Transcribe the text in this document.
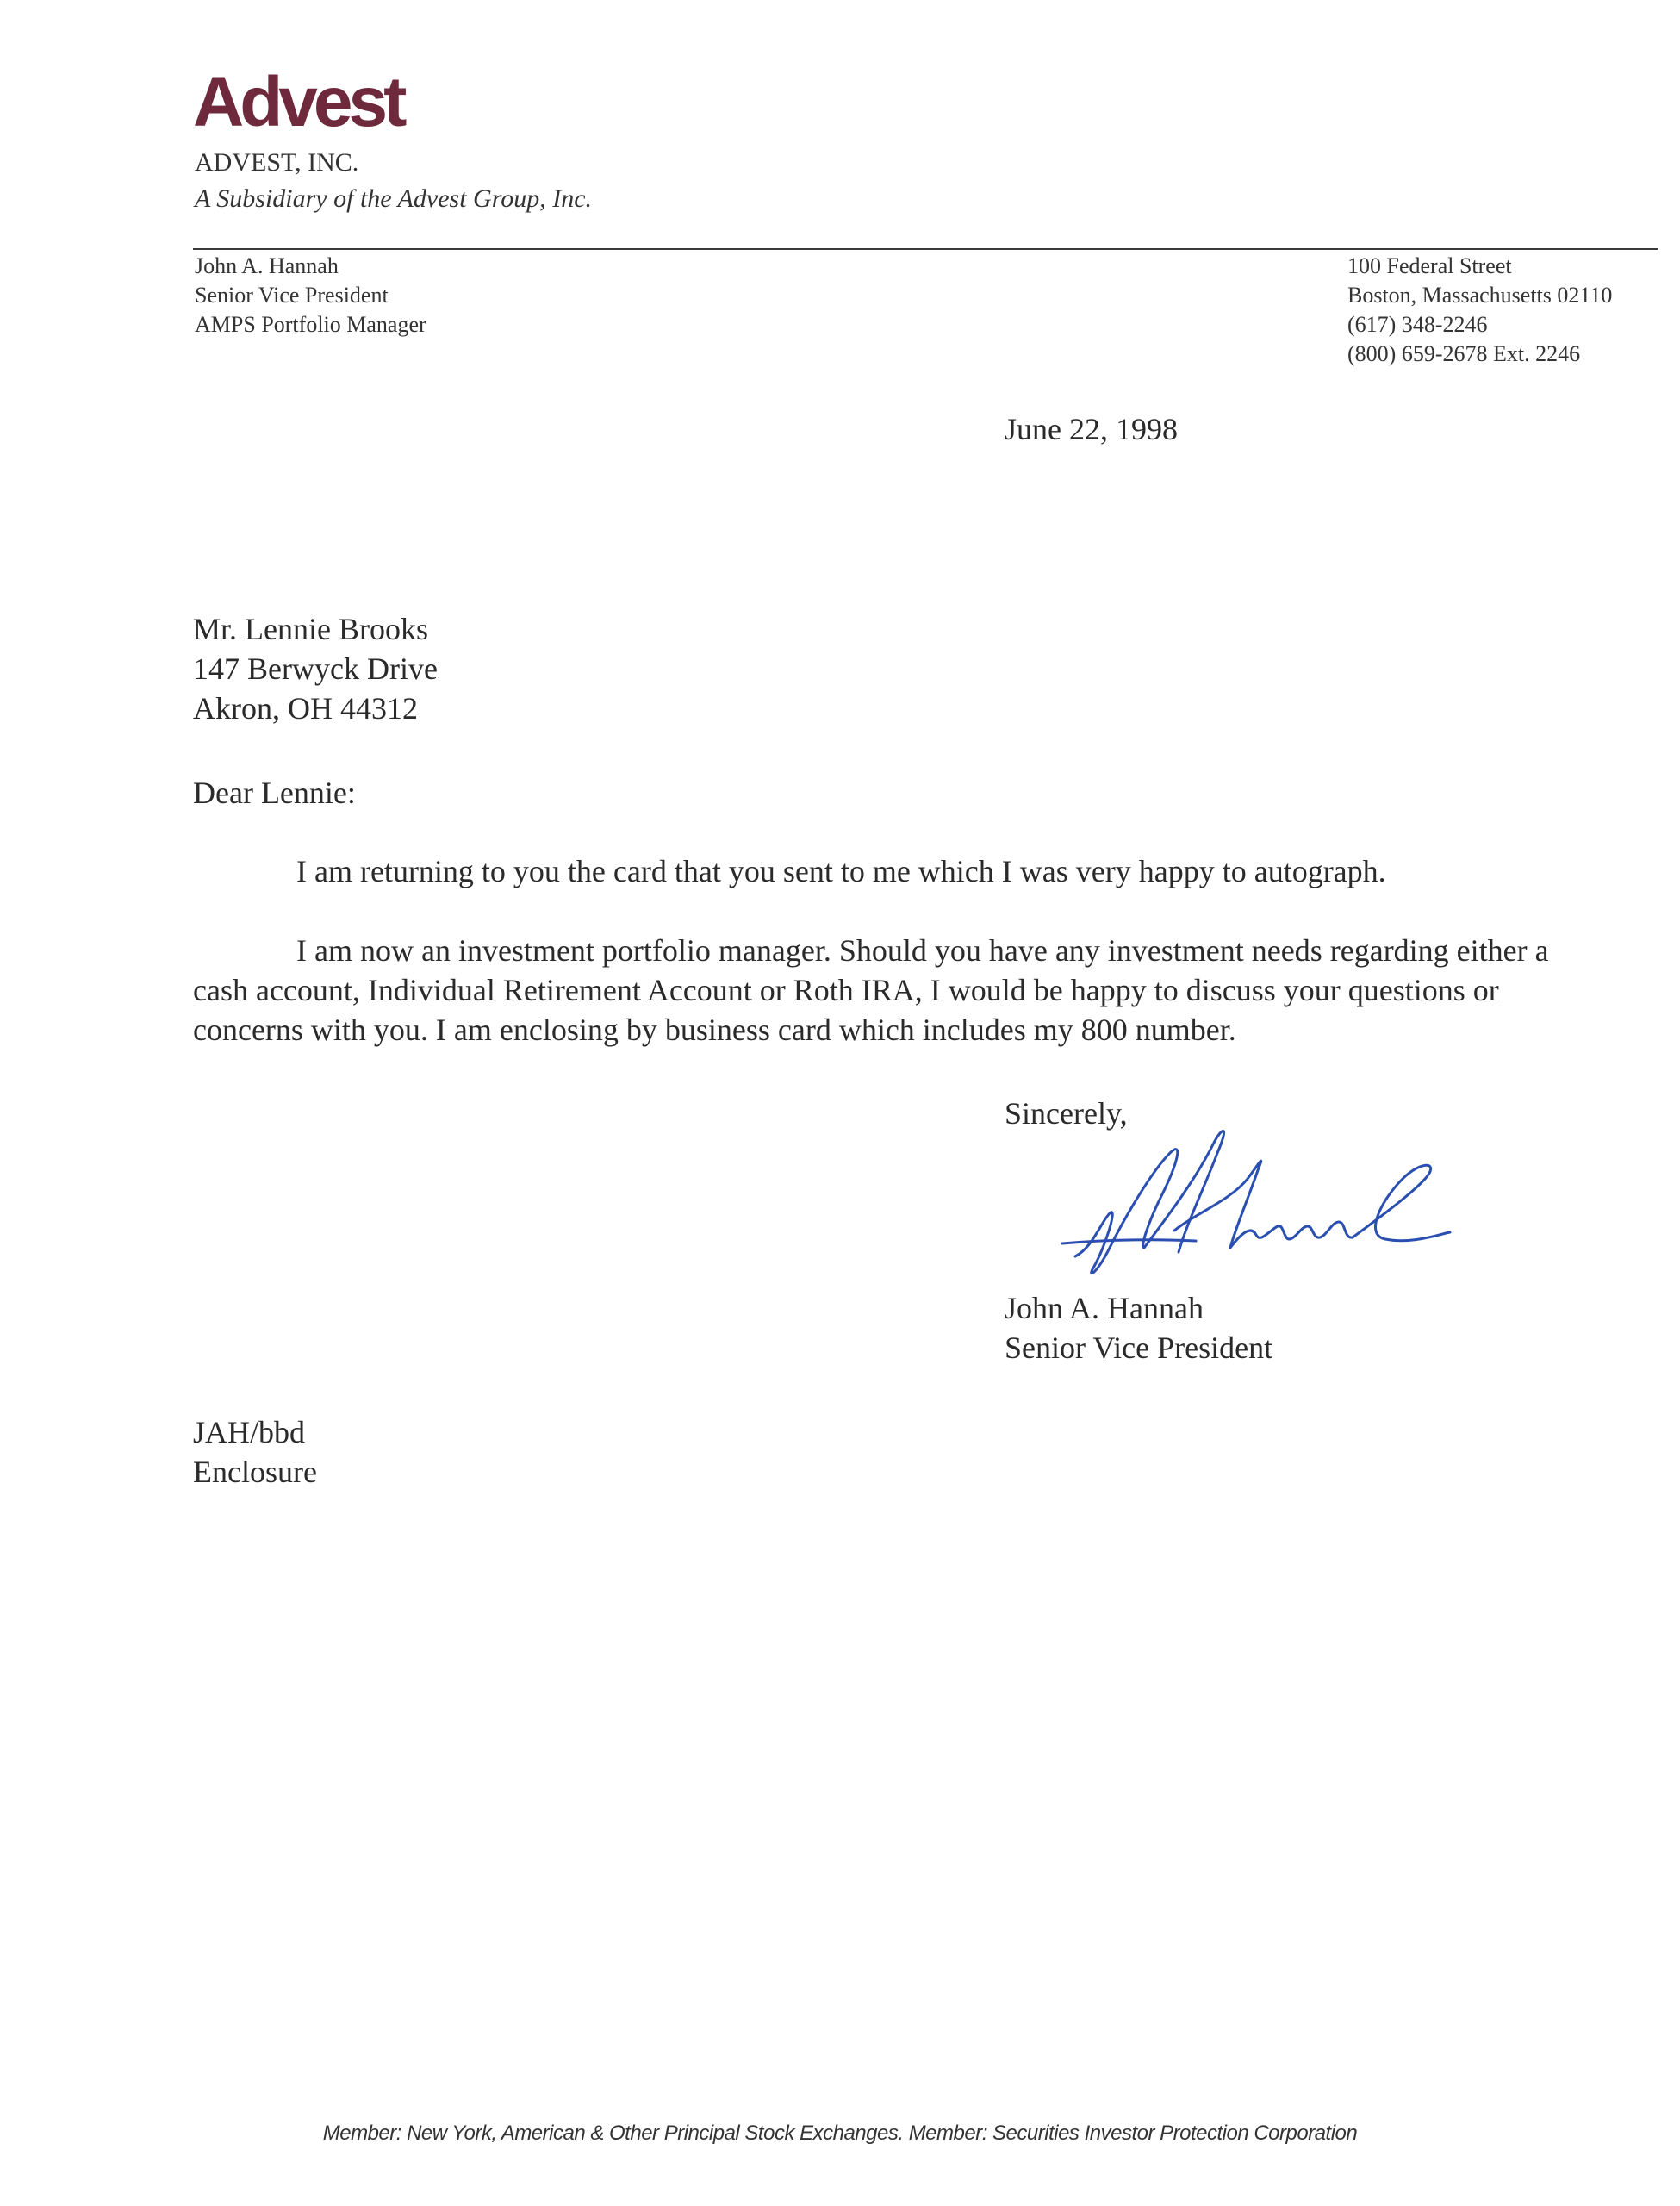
Advest
ADVEST, INC.
A Subsidiary of the Advest Group, Inc.
John A. Hannah
Senior Vice President
AMPS Portfolio Manager
100 Federal Street
Boston, Massachusetts 02110
(617) 348-2246
(800) 659-2678 Ext. 2246
June 22, 1998
Mr. Lennie Brooks
147 Berwyck Drive
Akron, OH 44312
Dear Lennie:

I am returning to you the card that you sent to me which I was very happy to autograph.

I am now an investment portfolio manager. Should you have any investment needs regarding either a cash account, Individual Retirement Account or Roth IRA, I would be happy to discuss your questions or concerns with you. I am enclosing by business card which includes my 800 number.

Sincerely,
John A. Hannah
Senior Vice President
JAH/bbd
Enclosure
Member: New York, American & Other Principal Stock Exchanges. Member: Securities Investor Protection Corporation
